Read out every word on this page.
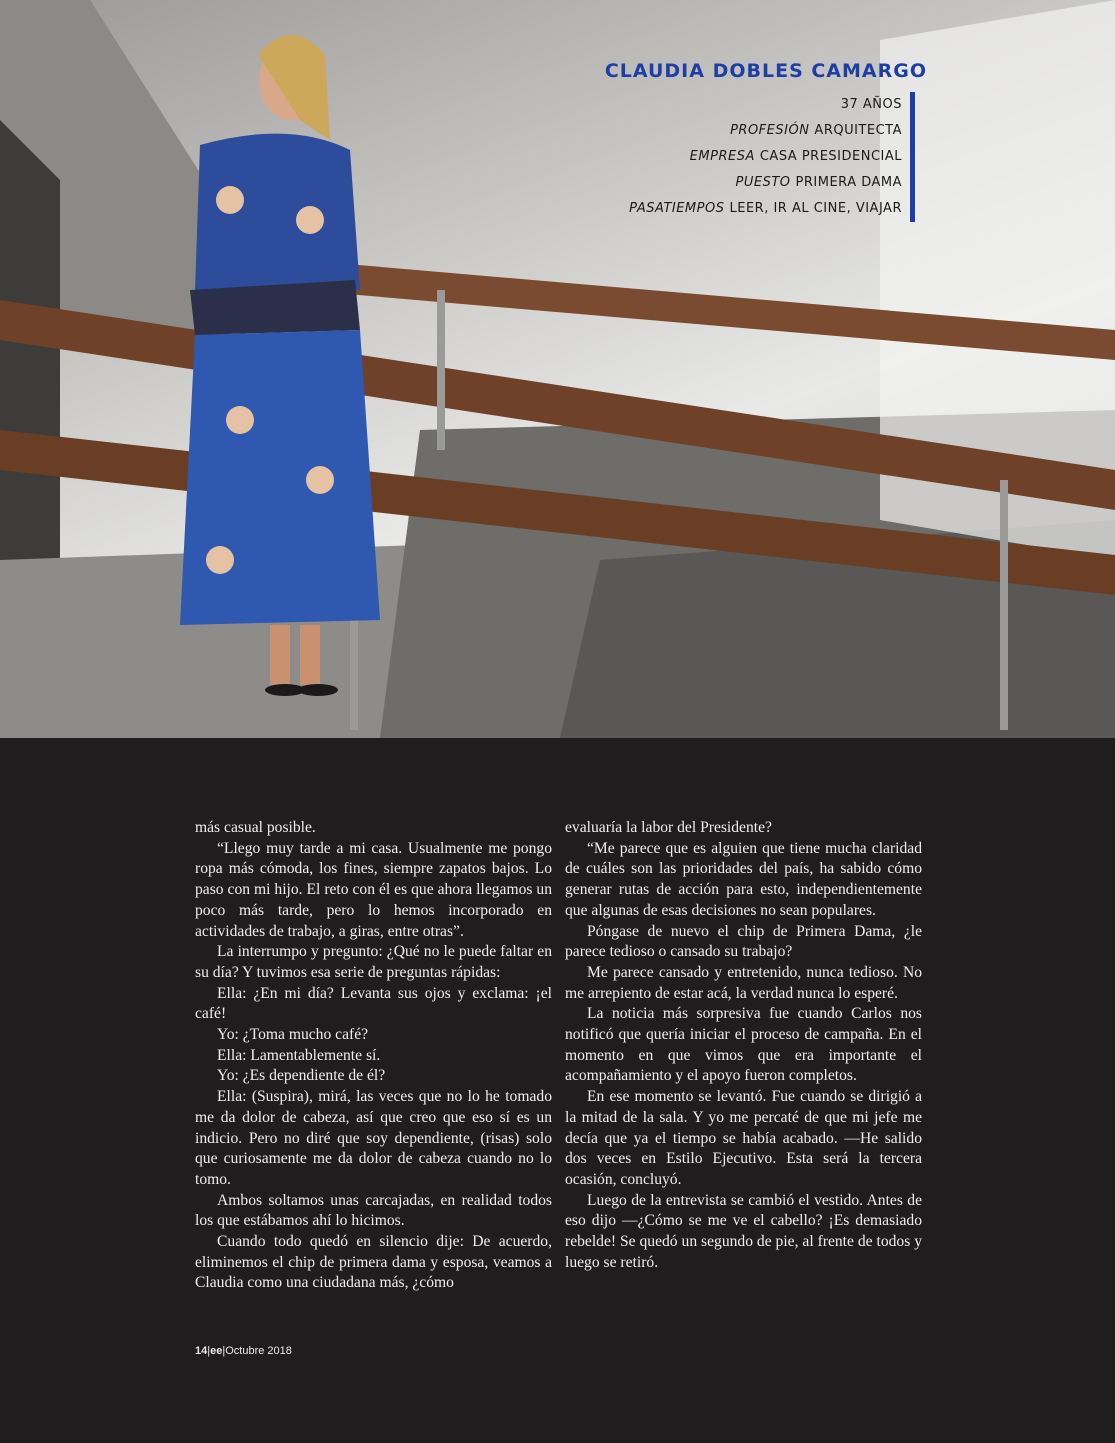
CLAUDIA DOBLES CAMARGO
37 AÑOS
PROFESIÓN ARQUITECTA
EMPRESA CASA PRESIDENCIAL
PUESTO PRIMERA DAMA
PASATIEMPOS LEER, IR AL CINE, VIAJAR

más casual posible.

“Llego muy tarde a mi casa. Usualmente me pongo ropa más cómoda, los fines, siempre zapatos bajos. Lo paso con mi hijo. El reto con él es que ahora llegamos un poco más tarde, pero lo hemos incorporado en actividades de trabajo, a giras, entre otras”.

La interrumpo y pregunto: ¿Qué no le puede faltar en su día? Y tuvimos esa serie de preguntas rápidas:

Ella: ¿En mi día? Levanta sus ojos y exclama: ¡el café!

Yo: ¿Toma mucho café?

Ella: Lamentablemente sí.

Yo: ¿Es dependiente de él?

Ella: (Suspira), mirá, las veces que no lo he tomado me da dolor de cabeza, así que creo que eso sí es un indicio. Pero no diré que soy dependiente, (risas) solo que curiosamente me da dolor de cabeza cuando no lo tomo.

Ambos soltamos unas carcajadas, en realidad todos los que estábamos ahí lo hicimos.

Cuando todo quedó en silencio dije: De acuerdo, eliminemos el chip de primera dama y esposa, veamos a Claudia como una ciudadana más, ¿cómo

evaluaría la labor del Presidente?

“Me parece que es alguien que tiene mucha claridad de cuáles son las prioridades del país, ha sabido cómo generar rutas de acción para esto, independientemente que algunas de esas decisiones no sean populares.

Póngase de nuevo el chip de Primera Dama, ¿le parece tedioso o cansado su trabajo?

Me parece cansado y entretenido, nunca tedioso. No me arrepiento de estar acá, la verdad nunca lo esperé.

La noticia más sorpresiva fue cuando Carlos nos notificó que quería iniciar el proceso de campaña. En el momento en que vimos que era importante el acompañamiento y el apoyo fueron completos.

En ese momento se levantó. Fue cuando se dirigió a la mitad de la sala. Y yo me percaté de que mi jefe me decía que ya el tiempo se había acabado. —He salido dos veces en Estilo Ejecutivo. Esta será la tercera ocasión, concluyó.

Luego de la entrevista se cambió el vestido. Antes de eso dijo —¿Cómo se me ve el cabello? ¡Es demasiado rebelde! Se quedó un segundo de pie, al frente de todos y luego se retiró.

14|ee|Octubre 2018
